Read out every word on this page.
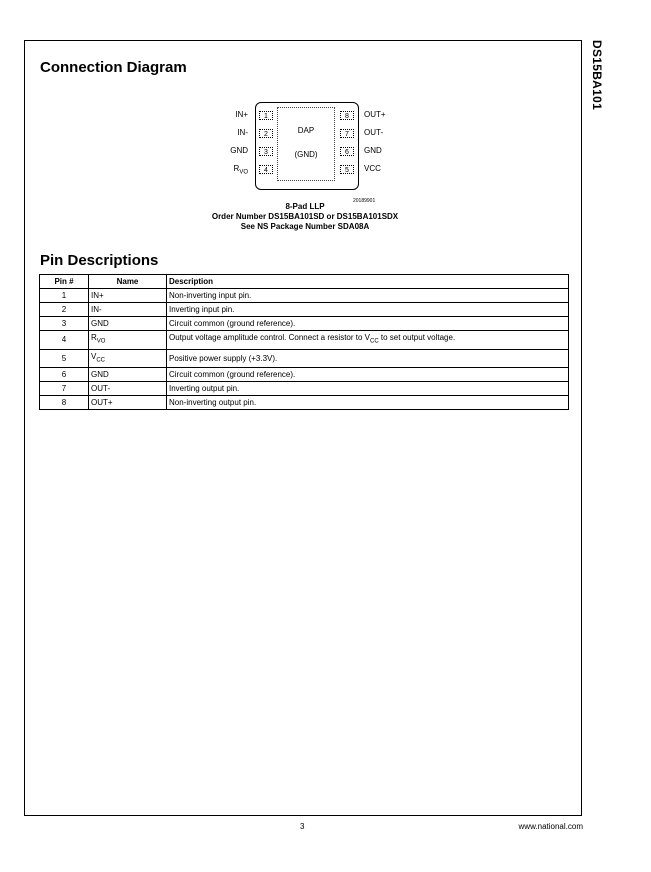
DS15BA101
Connection Diagram
IN+
IN-
GND
$R_{VO}$
1
2
3
4
DAP
(GND)
8
7
6
5
OUT+
OUT-
GND
VCC
20189901
8-Pad LLP
Order Number DS15BA101SD or DS15BA101SDX
See NS Package Number SDA08A
Pin Descriptions
Pin #	Name	Description
1	IN+	Non-inverting input pin.
2	IN-	Inverting input pin.
3	GND	Circuit common (ground reference).
4	$R_{VO}$	Output voltage amplitude control. Connect a resistor to $V_{CC}$ to set output voltage.
5	$V_{CC}$	Positive power supply (+3.3V).
6	GND	Circuit common (ground reference).
7	OUT-	Inverting output pin.
8	OUT+	Non-inverting output pin.
3	www.national.com
